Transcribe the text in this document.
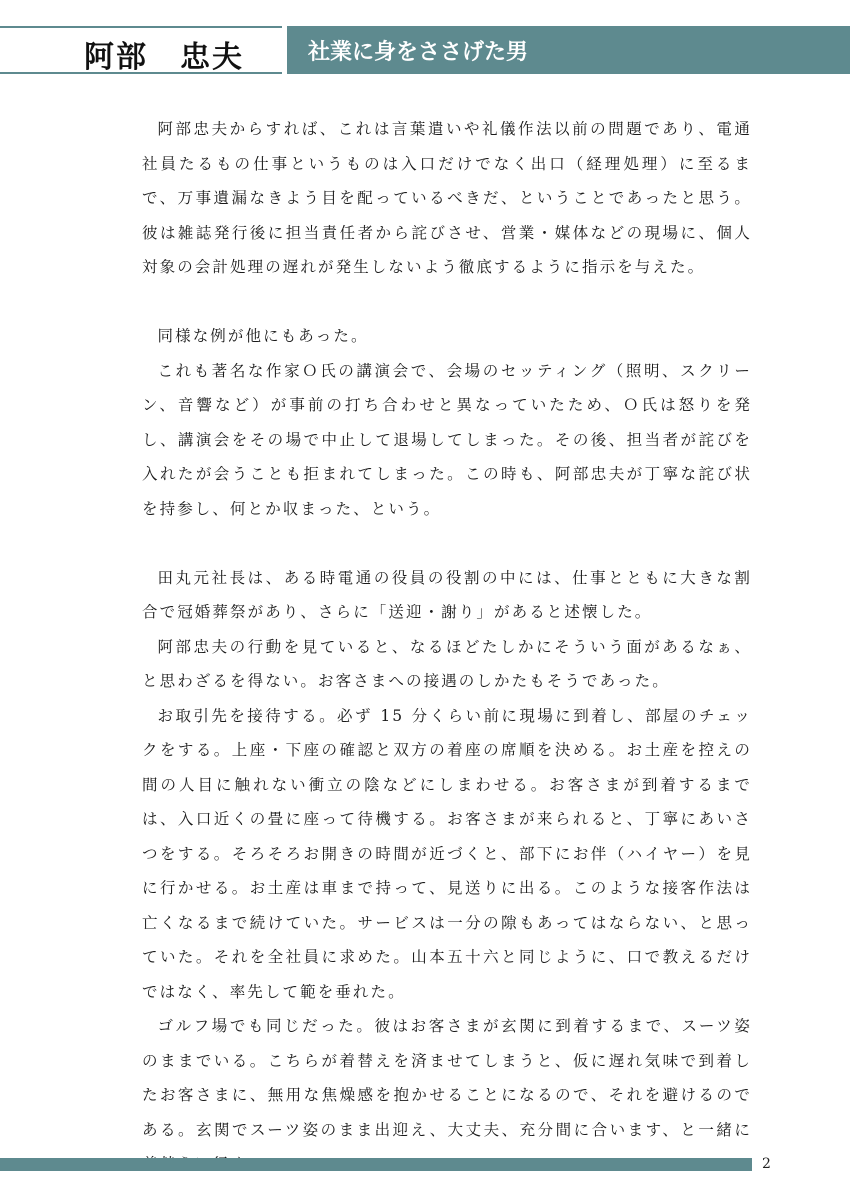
阿部　忠夫	社業に身をささげた男

阿部忠夫からすれば、これは言葉遣いや礼儀作法以前の問題であり、電通社員たるもの仕事というものは入口だけでなく出口（経理処理）に至るまで、万事遺漏なきよう目を配っているべきだ、ということであったと思う。彼は雑誌発行後に担当責任者から詫びさせ、営業・媒体などの現場に、個人対象の会計処理の遅れが発生しないよう徹底するように指示を与えた。

同様な例が他にもあった。

これも著名な作家Ｏ氏の講演会で、会場のセッティング（照明、スクリーン、音響など）が事前の打ち合わせと異なっていたため、Ｏ氏は怒りを発し、講演会をその場で中止して退場してしまった。その後、担当者が詫びを入れたが会うことも拒まれてしまった。この時も、阿部忠夫が丁寧な詫び状を持参し、何とか収まった、という。

田丸元社長は、ある時電通の役員の役割の中には、仕事とともに大きな割合で冠婚葬祭があり、さらに「送迎・謝り」があると述懐した。

阿部忠夫の行動を見ていると、なるほどたしかにそういう面があるなぁ、と思わざるを得ない。お客さまへの接遇のしかたもそうであった。

お取引先を接待する。必ず 15 分くらい前に現場に到着し、部屋のチェックをする。上座・下座の確認と双方の着座の席順を決める。お土産を控えの間の人目に触れない衝立の陰などにしまわせる。お客さまが到着するまでは、入口近くの畳に座って待機する。お客さまが来られると、丁寧にあいさつをする。そろそろお開きの時間が近づくと、部下にお伴（ハイヤー）を見に行かせる。お土産は車まで持って、見送りに出る。このような接客作法は亡くなるまで続けていた。サービスは一分の隙もあってはならない、と思っていた。それを全社員に求めた。山本五十六と同じように、口で教えるだけではなく、率先して範を垂れた。

ゴルフ場でも同じだった。彼はお客さまが玄関に到着するまで、スーツ姿のままでいる。こちらが着替えを済ませてしまうと、仮に遅れ気味で到着したお客さまに、無用な焦燥感を抱かせることになるので、それを避けるのである。玄関でスーツ姿のまま出迎え、大丈夫、充分間に合います、と一緒に

2
